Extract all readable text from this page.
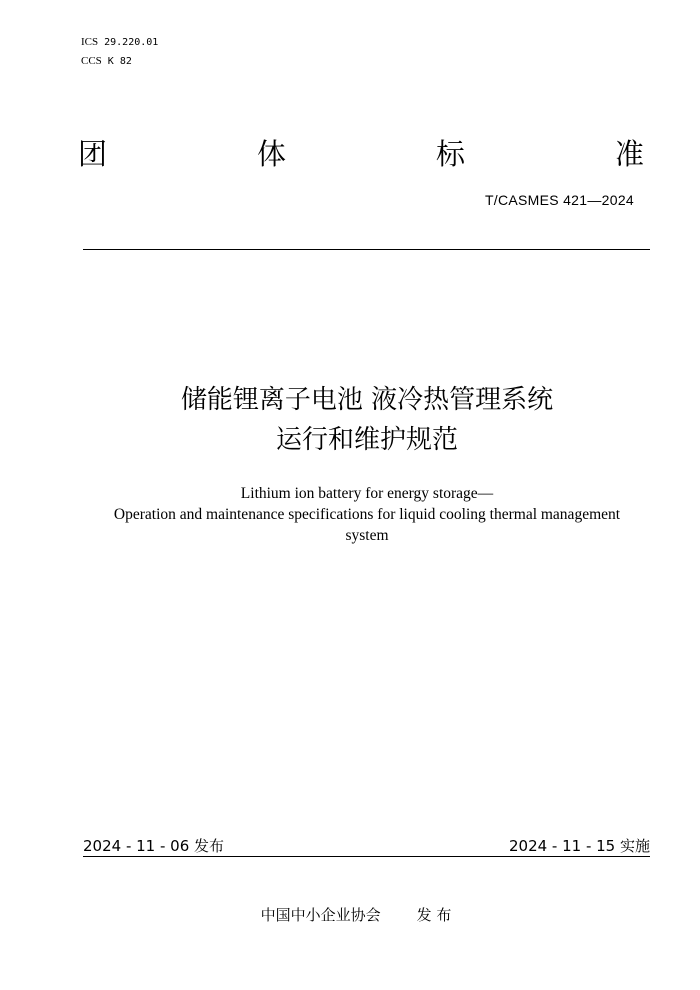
ICS 29.220.01
CCS K 82
团	体	标	准
T/CASMES 421—2024
储能锂离子电池 液冷热管理系统
运行和维护规范
Lithium ion battery for energy storage—
Operation and maintenance specifications for liquid cooling thermal management
system
2024 - 11 - 06 发布	2024 - 11 - 15 实施
中国中小企业协会 发 布
